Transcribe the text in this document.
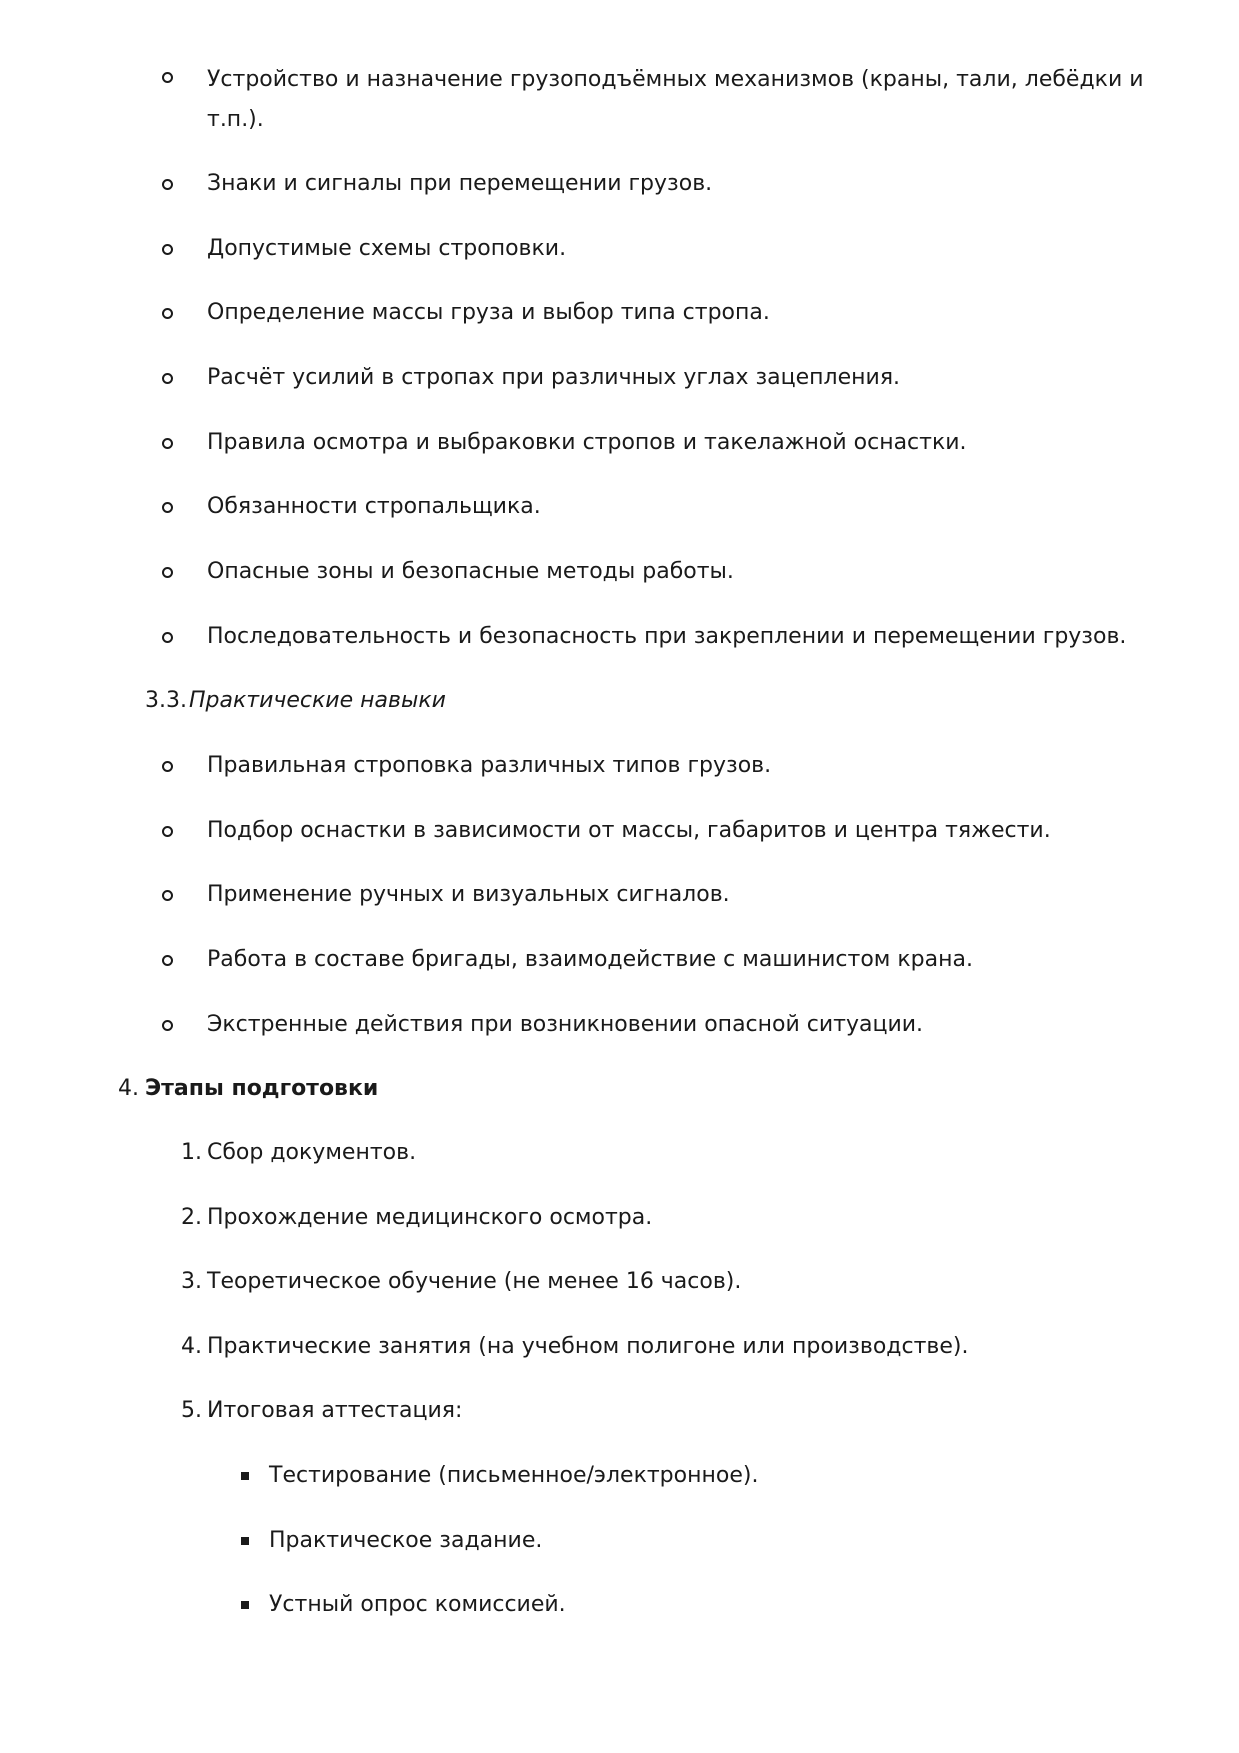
Устройство и назначение грузоподъёмных механизмов (краны, тали, лебёдки и
т.п.).
Знаки и сигналы при перемещении грузов.
Допустимые схемы строповки.
Определение массы груза и выбор типа стропа.
Расчёт усилий в стропах при различных углах зацепления.
Правила осмотра и выбраковки стропов и такелажной оснастки.
Обязанности стропальщика.
Опасные зоны и безопасные методы работы.
Последовательность и безопасность при закреплении и перемещении грузов.
3.3. Практические навыки
Правильная строповка различных типов грузов.
Подбор оснастки в зависимости от массы, габаритов и центра тяжести.
Применение ручных и визуальных сигналов.
Работа в составе бригады, взаимодействие с машинистом крана.
Экстренные действия при возникновении опасной ситуации.
4. Этапы подготовки
1. Сбор документов.
2. Прохождение медицинского осмотра.
3. Теоретическое обучение (не менее 16 часов).
4. Практические занятия (на учебном полигоне или производстве).
5. Итоговая аттестация:
Тестирование (письменное/электронное).
Практическое задание.
Устный опрос комиссией.
